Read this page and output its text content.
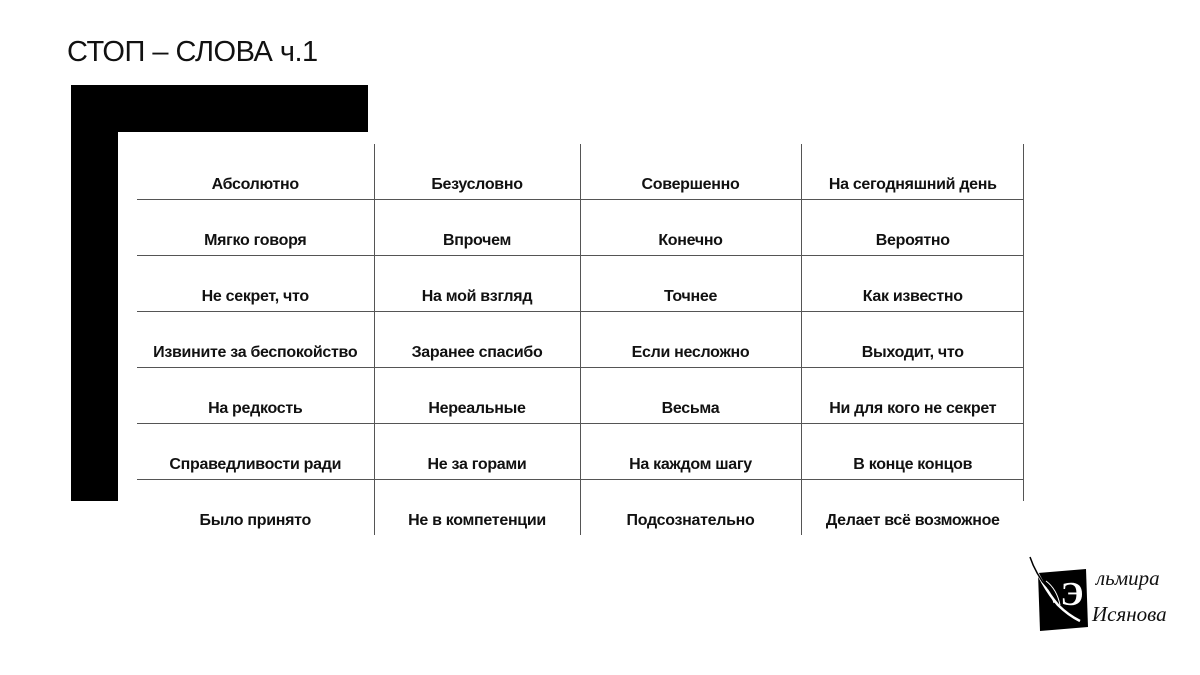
СТОП – СЛОВА ч.1
Абсолютно	Безусловно	Совершенно	На сегодняшний день
Мягко говоря	Впрочем	Конечно	Вероятно
Не секрет, что	На мой взгляд	Точнее	Как известно
Извините за беспокойство	Заранее спасибо	Если несложно	Выходит, что
На редкость	Нереальные	Весьма	Ни для кого не секрет
Справедливости ради	Не за горами	На каждом шагу	В конце концов
Было принято	Не в компетенции	Подсознательно	Делает всё возможное
Э льмира
Исянова
